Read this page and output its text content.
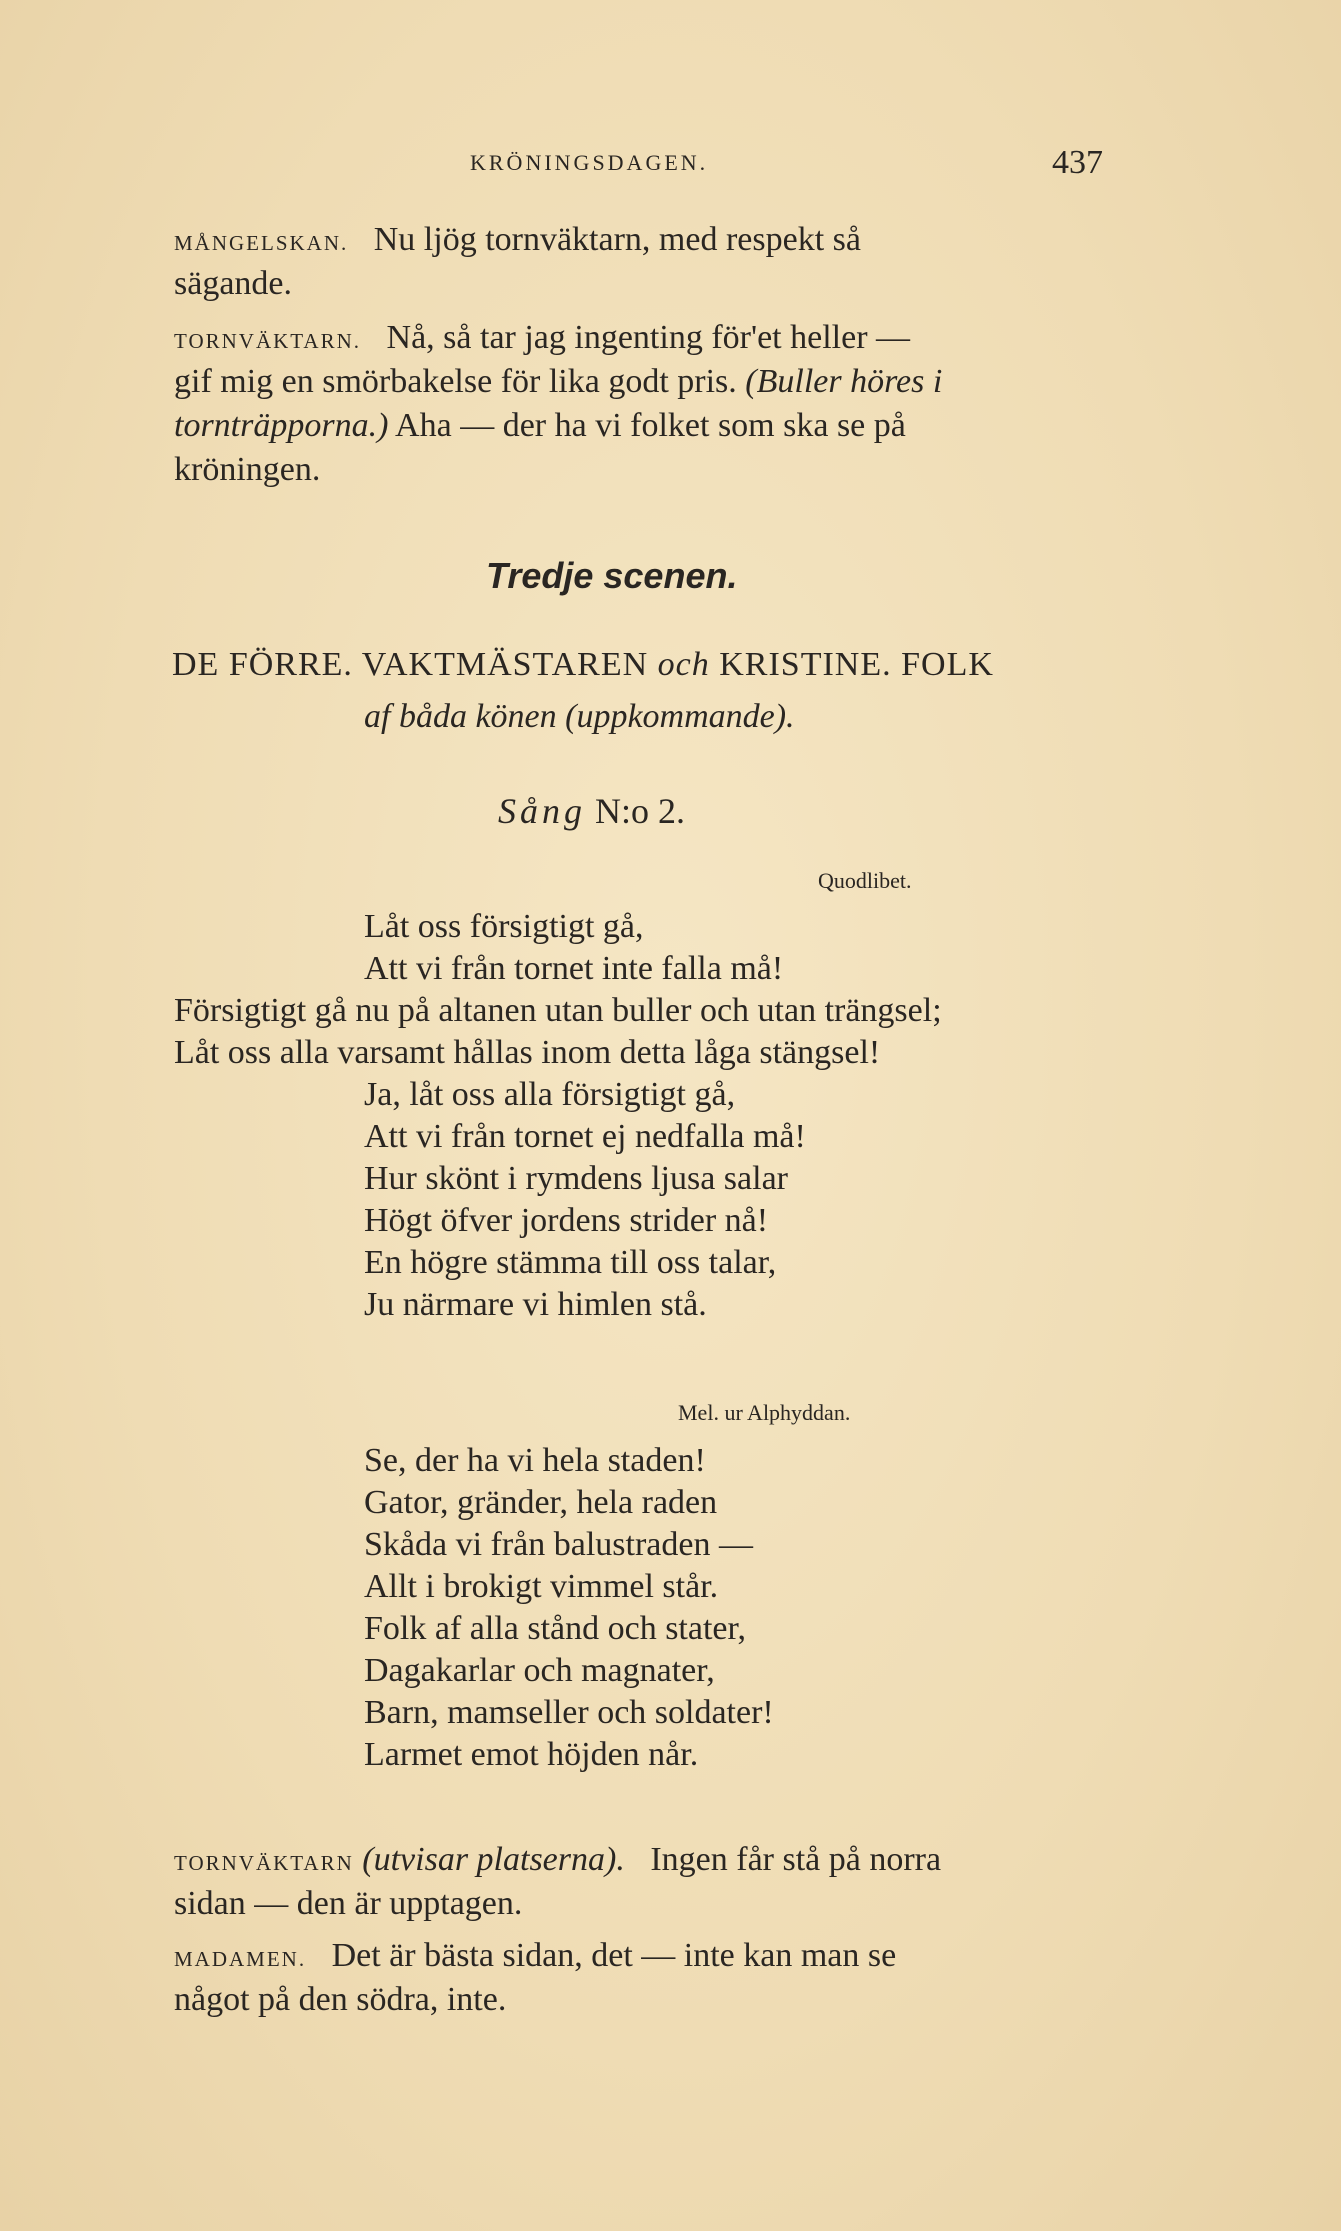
KRÖNINGSDAGEN.	437
MÅNGELSKAN. Nu ljög tornväktarn, med respekt så
sägande.
TORNVÄKTARN. Nå, så tar jag ingenting för'et heller —
gif mig en smörbakelse för lika godt pris. (Buller höres i
tornträpporna.) Aha — der ha vi folket som ska se på
kröningen.
Tredje scenen.
DE FÖRRE. VAKTMÄSTAREN och KRISTINE. FOLK
af båda könen (uppkommande).
Sång N:o 2.
Quodlibet.
Låt oss försigtigt gå,
Att vi från tornet inte falla må!
Försigtigt gå nu på altanen utan buller och utan trängsel;
Låt oss alla varsamt hållas inom detta låga stängsel!
Ja, låt oss alla försigtigt gå,
Att vi från tornet ej nedfalla må!
Hur skönt i rymdens ljusa salar
Högt öfver jordens strider nå!
En högre stämma till oss talar,
Ju närmare vi himlen stå.
Mel. ur Alphyddan.
Se, der ha vi hela staden!
Gator, gränder, hela raden
Skåda vi från balustraden —
Allt i brokigt vimmel står.
Folk af alla stånd och stater,
Dagakarlar och magnater,
Barn, mamseller och soldater!
Larmet emot höjden når.
TORNVÄKTARN (utvisar platserna). Ingen får stå på norra
sidan — den är upptagen.
MADAMEN. Det är bästa sidan, det — inte kan man se
något på den södra, inte.
